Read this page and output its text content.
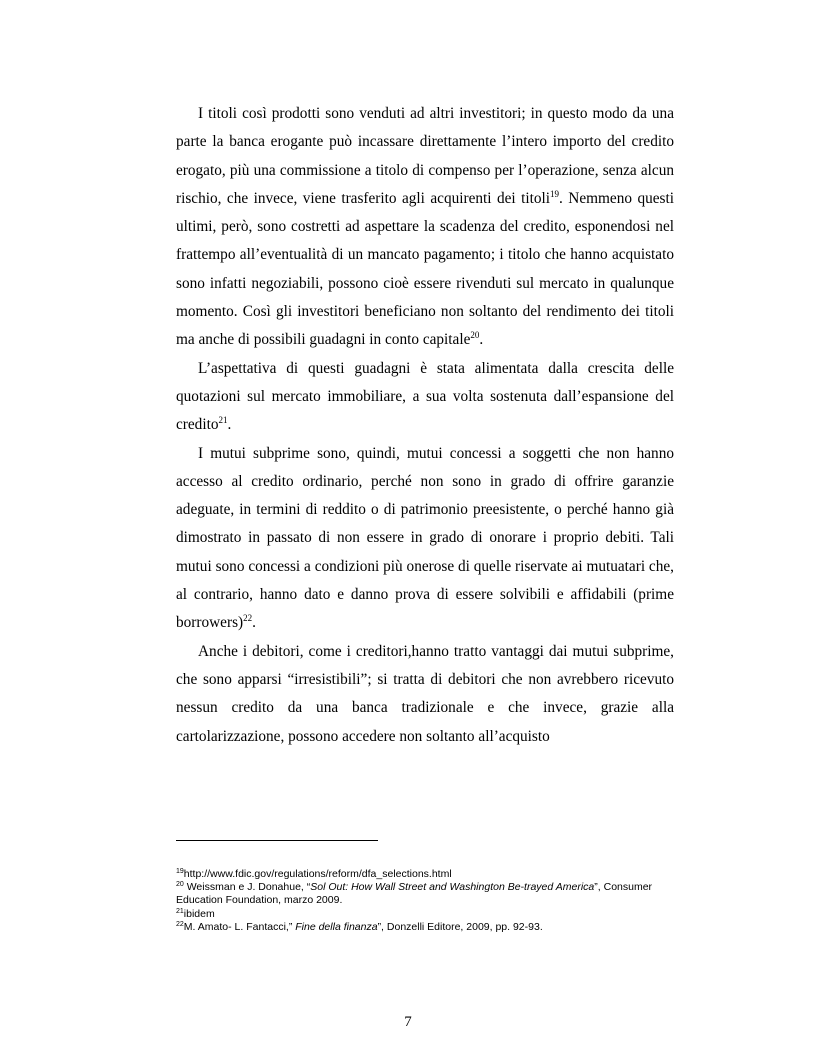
I titoli così prodotti sono venduti ad altri investitori; in questo modo da una parte la banca erogante può incassare direttamente l’intero importo del credito erogato, più una commissione a titolo di compenso per l’operazione, senza alcun rischio, che invece, viene trasferito agli acquirenti dei titoli$^{19}$. Nemmeno questi ultimi, però, sono costretti ad aspettare la scadenza del credito, esponendosi nel frattempo all’eventualità di un mancato pagamento; i titolo che hanno acquistato sono infatti negoziabili, possono cioè essere rivenduti sul mercato in qualunque momento. Così gli investitori beneficiano non soltanto del rendimento dei titoli ma anche di possibili guadagni in conto capitale$^{20}$.

L’aspettativa di questi guadagni è stata alimentata dalla crescita delle quotazioni sul mercato immobiliare, a sua volta sostenuta dall’espansione del credito$^{21}$.

I mutui subprime sono, quindi, mutui concessi a soggetti che non hanno accesso al credito ordinario, perché non sono in grado di offrire garanzie adeguate, in termini di reddito o di patrimonio preesistente, o perché hanno già dimostrato in passato di non essere in grado di onorare i proprio debiti. Tali mutui sono concessi a condizioni più onerose di quelle riservate ai mutuatari che, al contrario, hanno dato e danno prova di essere solvibili e affidabili (prime borrowers)$^{22}$.

Anche i debitori, come i creditori,hanno tratto vantaggi dai mutui subprime, che sono apparsi “irresistibili”; si tratta di debitori che non avrebbero ricevuto nessun credito da una banca tradizionale e che invece, grazie alla cartolarizzazione, possono accedere non soltanto all’acquisto

$^{19}$http://www.fdic.gov/regulations/reform/dfa_selections.html
$^{20}$ Weissman e J. Donahue, “Sol Out: How Wall Street and Washington Be-trayed America”, Consumer Education Foundation, marzo 2009.
$^{21}$ibidem
$^{22}$M. Amato- L. Fantacci,” Fine della finanza”, Donzelli Editore, 2009, pp. 92-93.
7
